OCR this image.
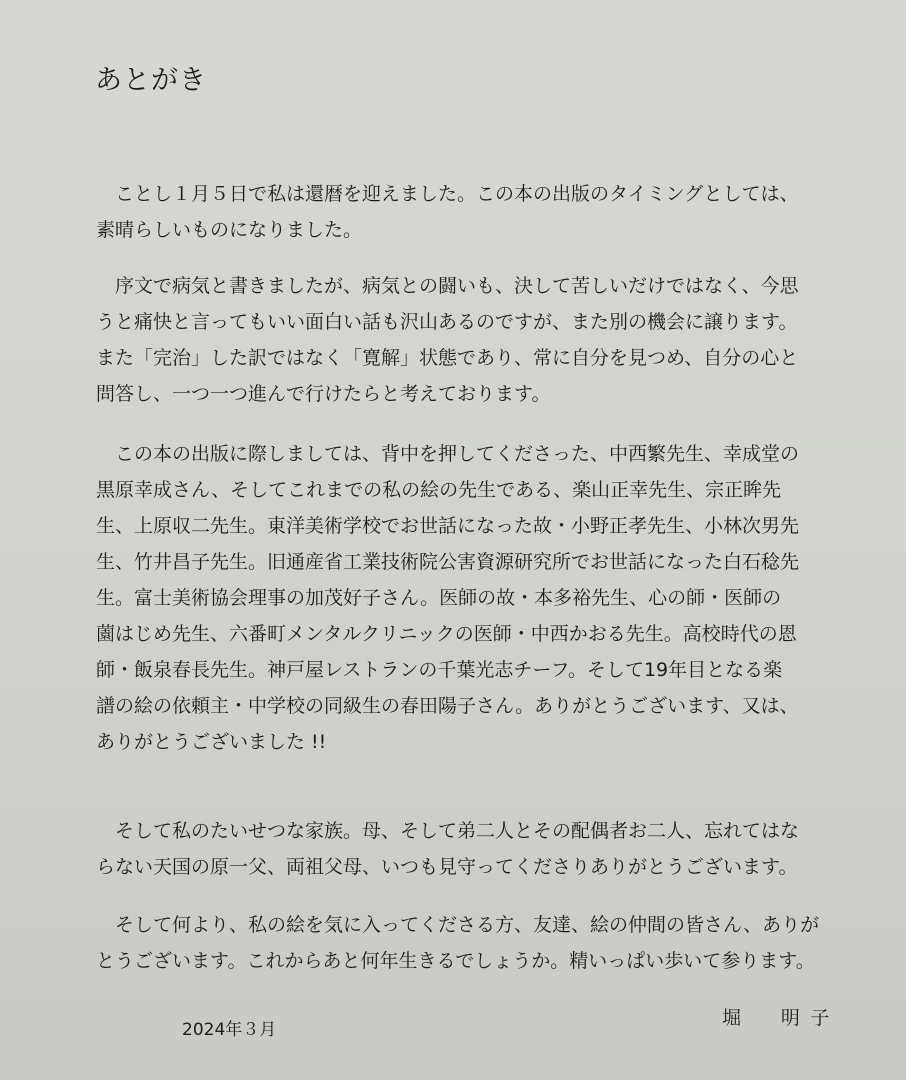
あとがき
　ことし１月５日で私は還暦を迎えました。この本の出版のタイミングとしては、
素晴らしいものになりました。
　序文で病気と書きましたが、病気との闘いも、決して苦しいだけではなく、今思
うと痛快と言ってもいい面白い話も沢山あるのですが、また別の機会に譲ります。
また「完治」した訳ではなく「寛解」状態であり、常に自分を見つめ、自分の心と
問答し、一つ一つ進んで行けたらと考えております。
　この本の出版に際しましては、背中を押してくださった、中西繁先生、幸成堂の
黒原幸成さん、そしてこれまでの私の絵の先生である、楽山正幸先生、宗正眸先
生、上原収二先生。東洋美術学校でお世話になった故・小野正孝先生、小林次男先
生、竹井昌子先生。旧通産省工業技術院公害資源研究所でお世話になった白石稔先
生。富士美術協会理事の加茂好子さん。医師の故・本多裕先生、心の師・医師の
薗はじめ先生、六番町メンタルクリニックの医師・中西かおる先生。高校時代の恩
師・飯泉春長先生。神戸屋レストランの千葉光志チーフ。そして19年目となる楽
譜の絵の依頼主・中学校の同級生の春田陽子さん。ありがとうございます、又は、
ありがとうございました !!
　そして私のたいせつな家族。母、そして弟二人とその配偶者お二人、忘れてはな
らない天国の原一父、両祖父母、いつも見守ってくださりありがとうございます。
　そして何より、私の絵を気に入ってくださる方、友達、絵の仲間の皆さん、ありが
とうございます。これからあと何年生きるでしょうか。精いっぱい歩いて参ります。
2024年３月
堀　明子
